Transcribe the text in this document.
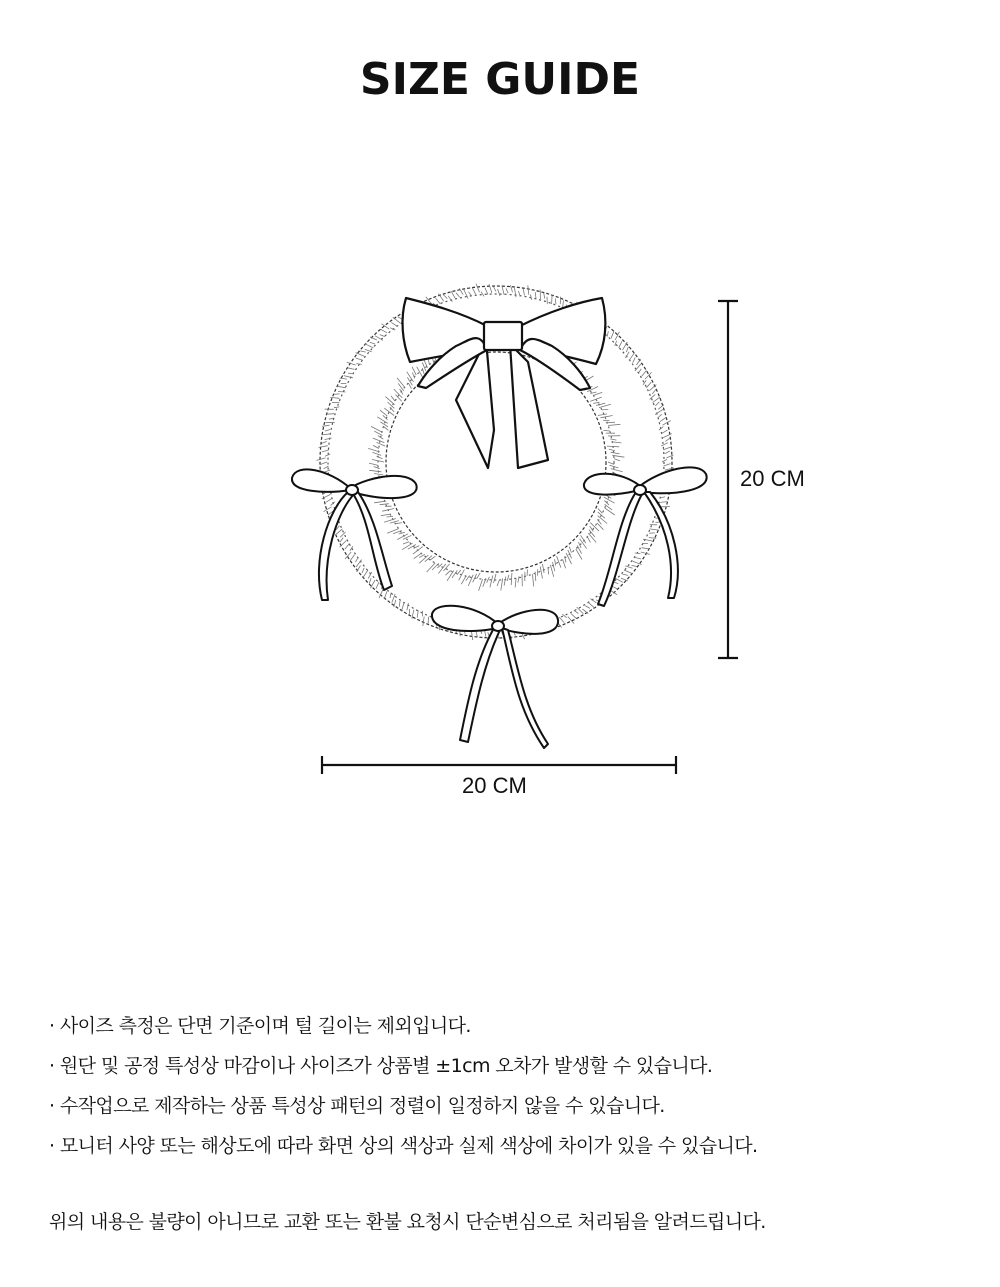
SIZE GUIDE
20 CM
20 CM
· 사이즈 측정은 단면 기준이며 털 길이는 제외입니다.
· 원단 및 공정 특성상 마감이나 사이즈가 상품별 ±1cm 오차가 발생할 수 있습니다.
· 수작업으로 제작하는 상품 특성상 패턴의 정렬이 일정하지 않을 수 있습니다.
· 모니터 사양 또는 해상도에 따라 화면 상의 색상과 실제 색상에 차이가 있을 수 있습니다.
위의 내용은 불량이 아니므로 교환 또는 환불 요청시 단순변심으로 처리됨을 알려드립니다.
